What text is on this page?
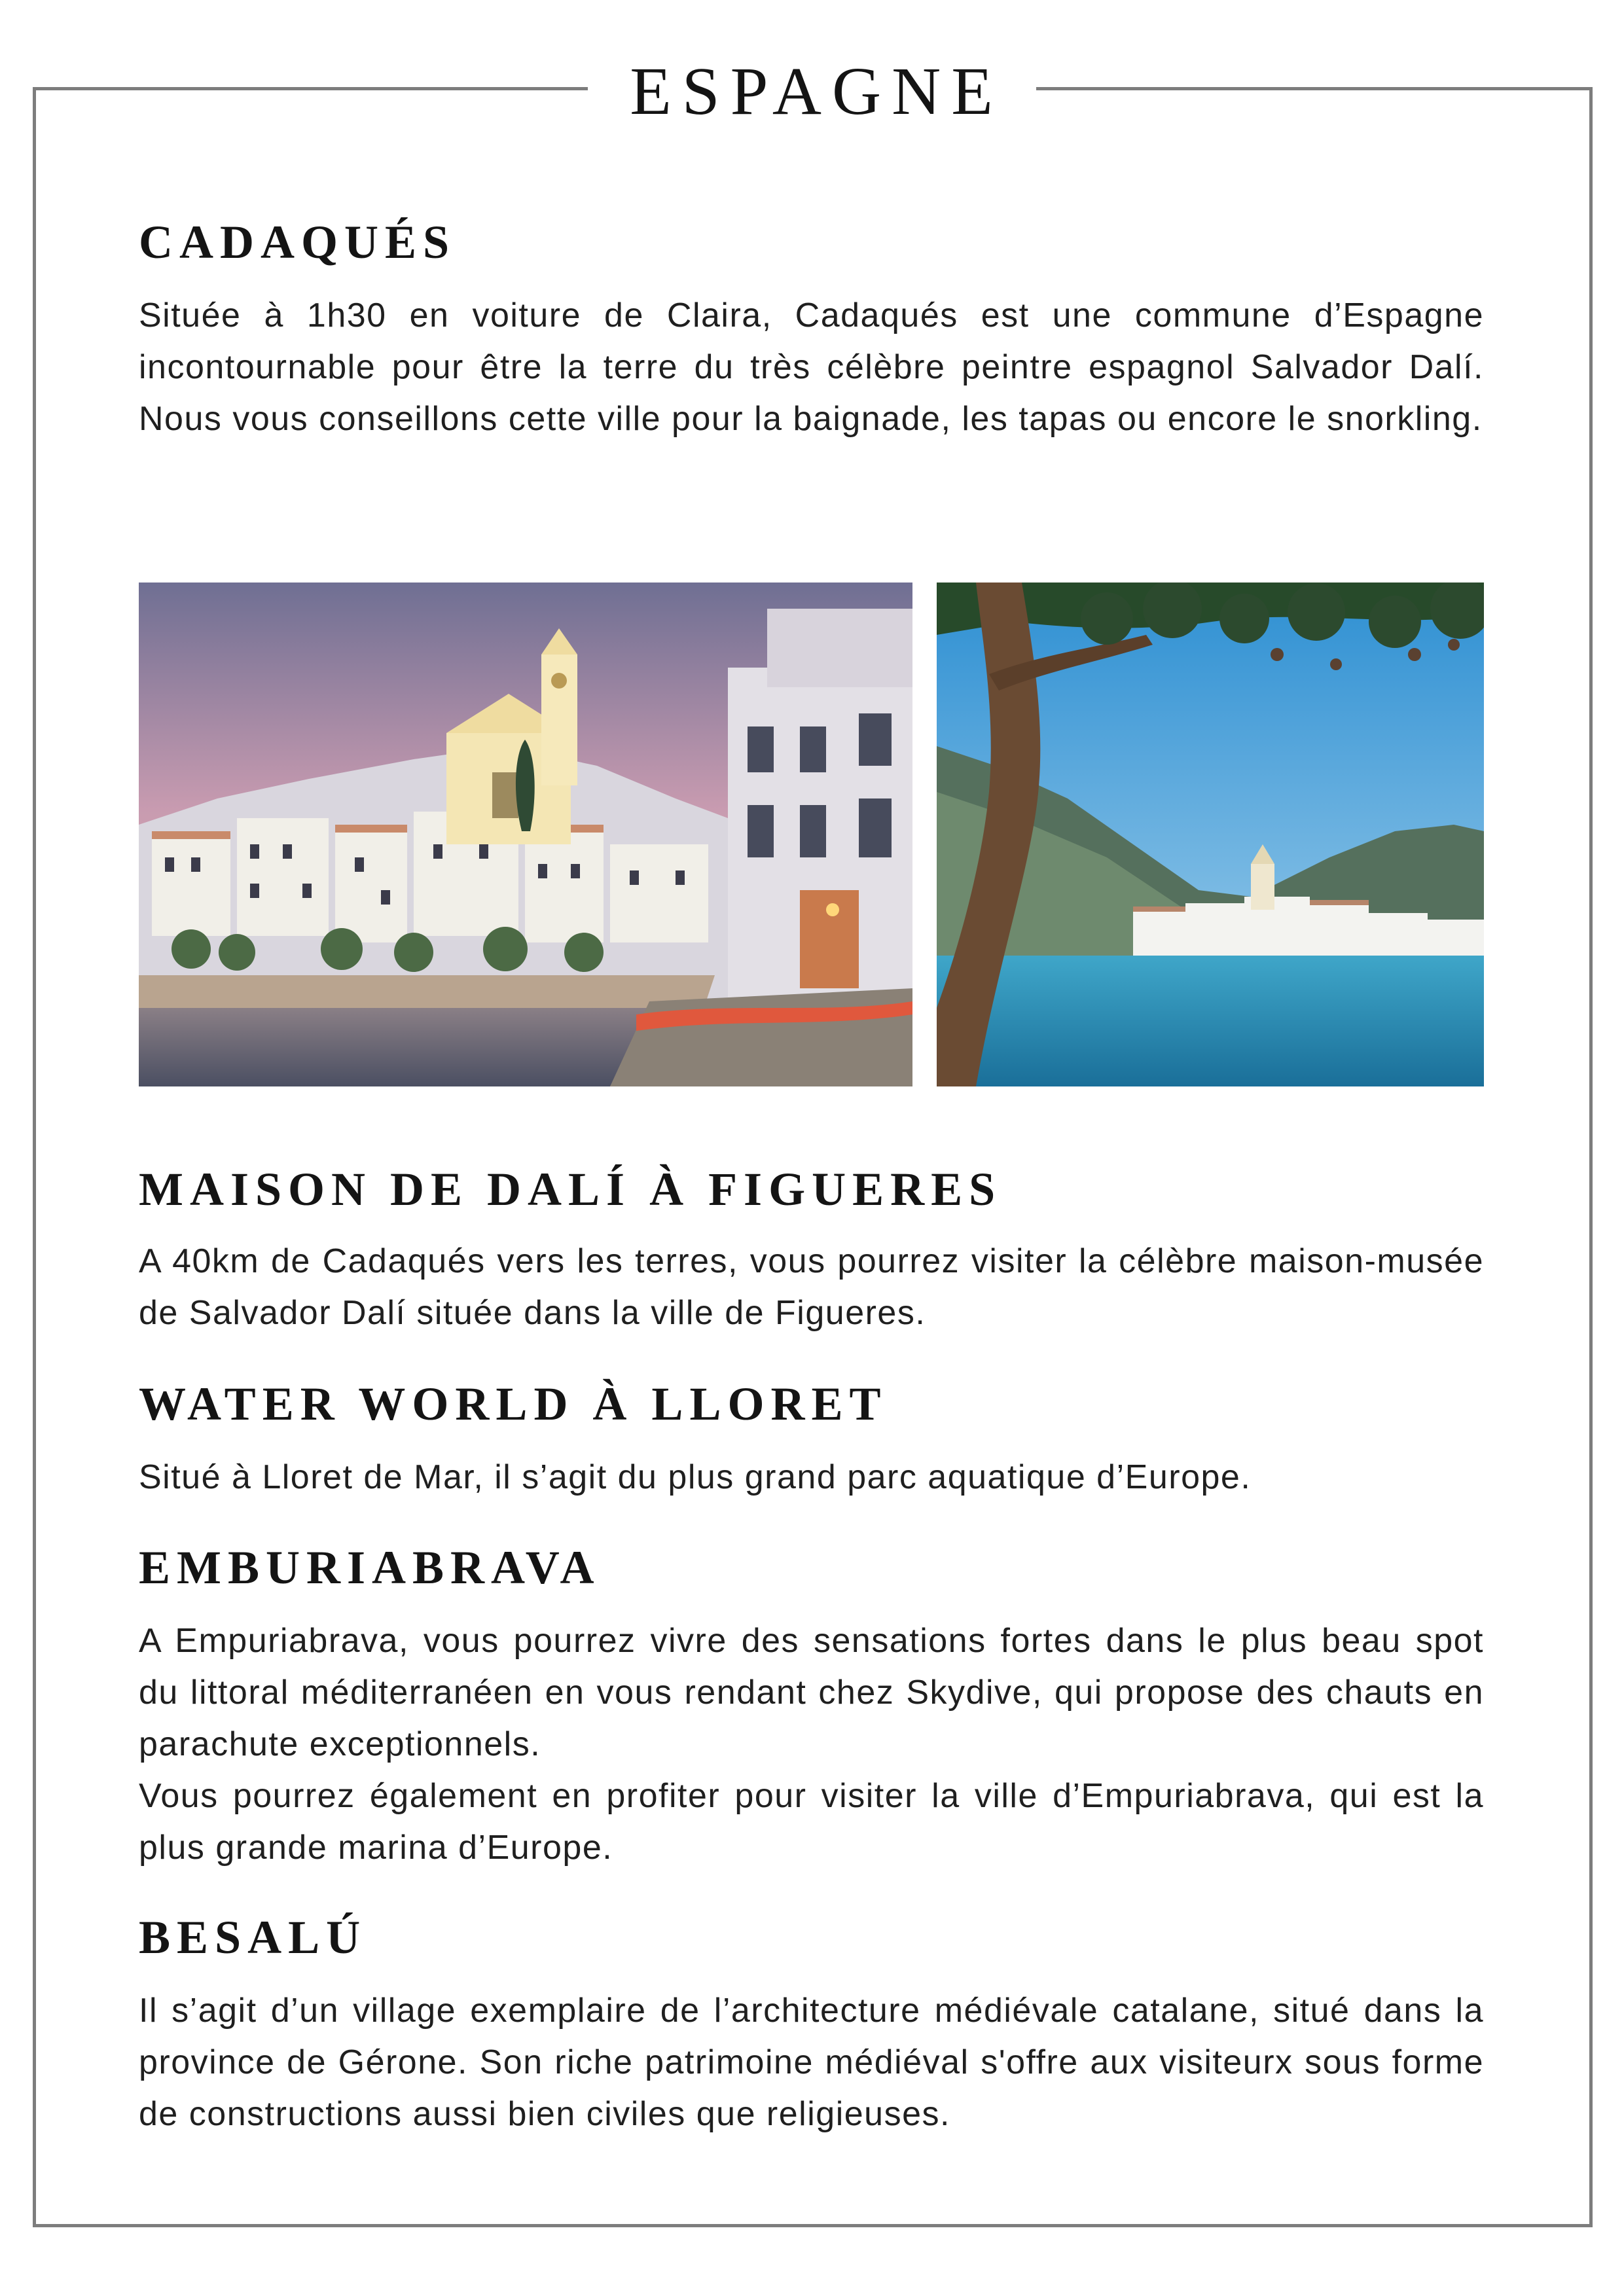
ESPAGNE
CADAQUÉS

Située à 1h30 en voiture de Claira, Cadaqués est une commune d’Espagne incontournable pour être la terre du très célèbre peintre espagnol Salvador Dalí. Nous vous conseillons cette ville pour la baignade, les tapas ou encore le snorkling.

MAISON DE DALÍ À FIGUERES

A 40km de Cadaqués vers les terres, vous pourrez visiter la célèbre maison-musée de Salvador Dalí située dans la ville de Figueres.

WATER WORLD À LLORET

Situé à Lloret de Mar, il s’agit du plus grand parc aquatique d’Europe.

EMBURIABRAVA

A Empuriabrava, vous pourrez vivre des sensations fortes dans le plus beau spot du littoral méditerranéen en vous rendant chez Skydive, qui propose des chauts en parachute exceptionnels.

Vous pourrez également en profiter pour visiter la ville d’Empuriabrava, qui est la plus grande marina d’Europe.

BESALÚ

Il s’agit d’un village exemplaire de l’architecture médiévale catalane, situé dans la province de Gérone. Son riche patrimoine médiéval s'offre aux visiteurx sous forme de constructions aussi bien civiles que religieuses.
